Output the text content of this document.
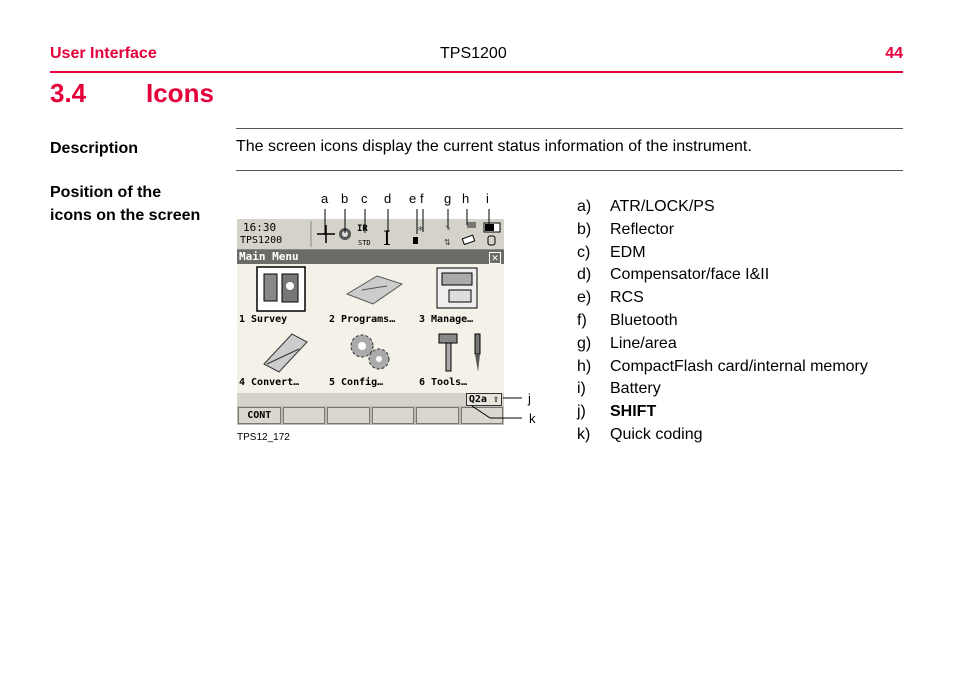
User Interface	TPS1200	44
3.4 Icons
Description	The screen icons display the current status information of the instrument.
Position of the
icons on the screen
16:30
TPS1200
IR
STD I	∗	↘
⇅
Main Menu	✕
1 Survey	2 Programs… 3 Manage…
4 Convert…	5 Config…	6 Tools…
Q2a ⇧
CONT
a b c d e f g h i
j
k
TPS12_172
a) ATR/LOCK/PS
b) Reflector
c) EDM
d) Compensator/face I&II
e) RCS
f) Bluetooth
g) Line/area
h) CompactFlash card/internal memory
i) Battery
j) SHIFT
k) Quick coding
